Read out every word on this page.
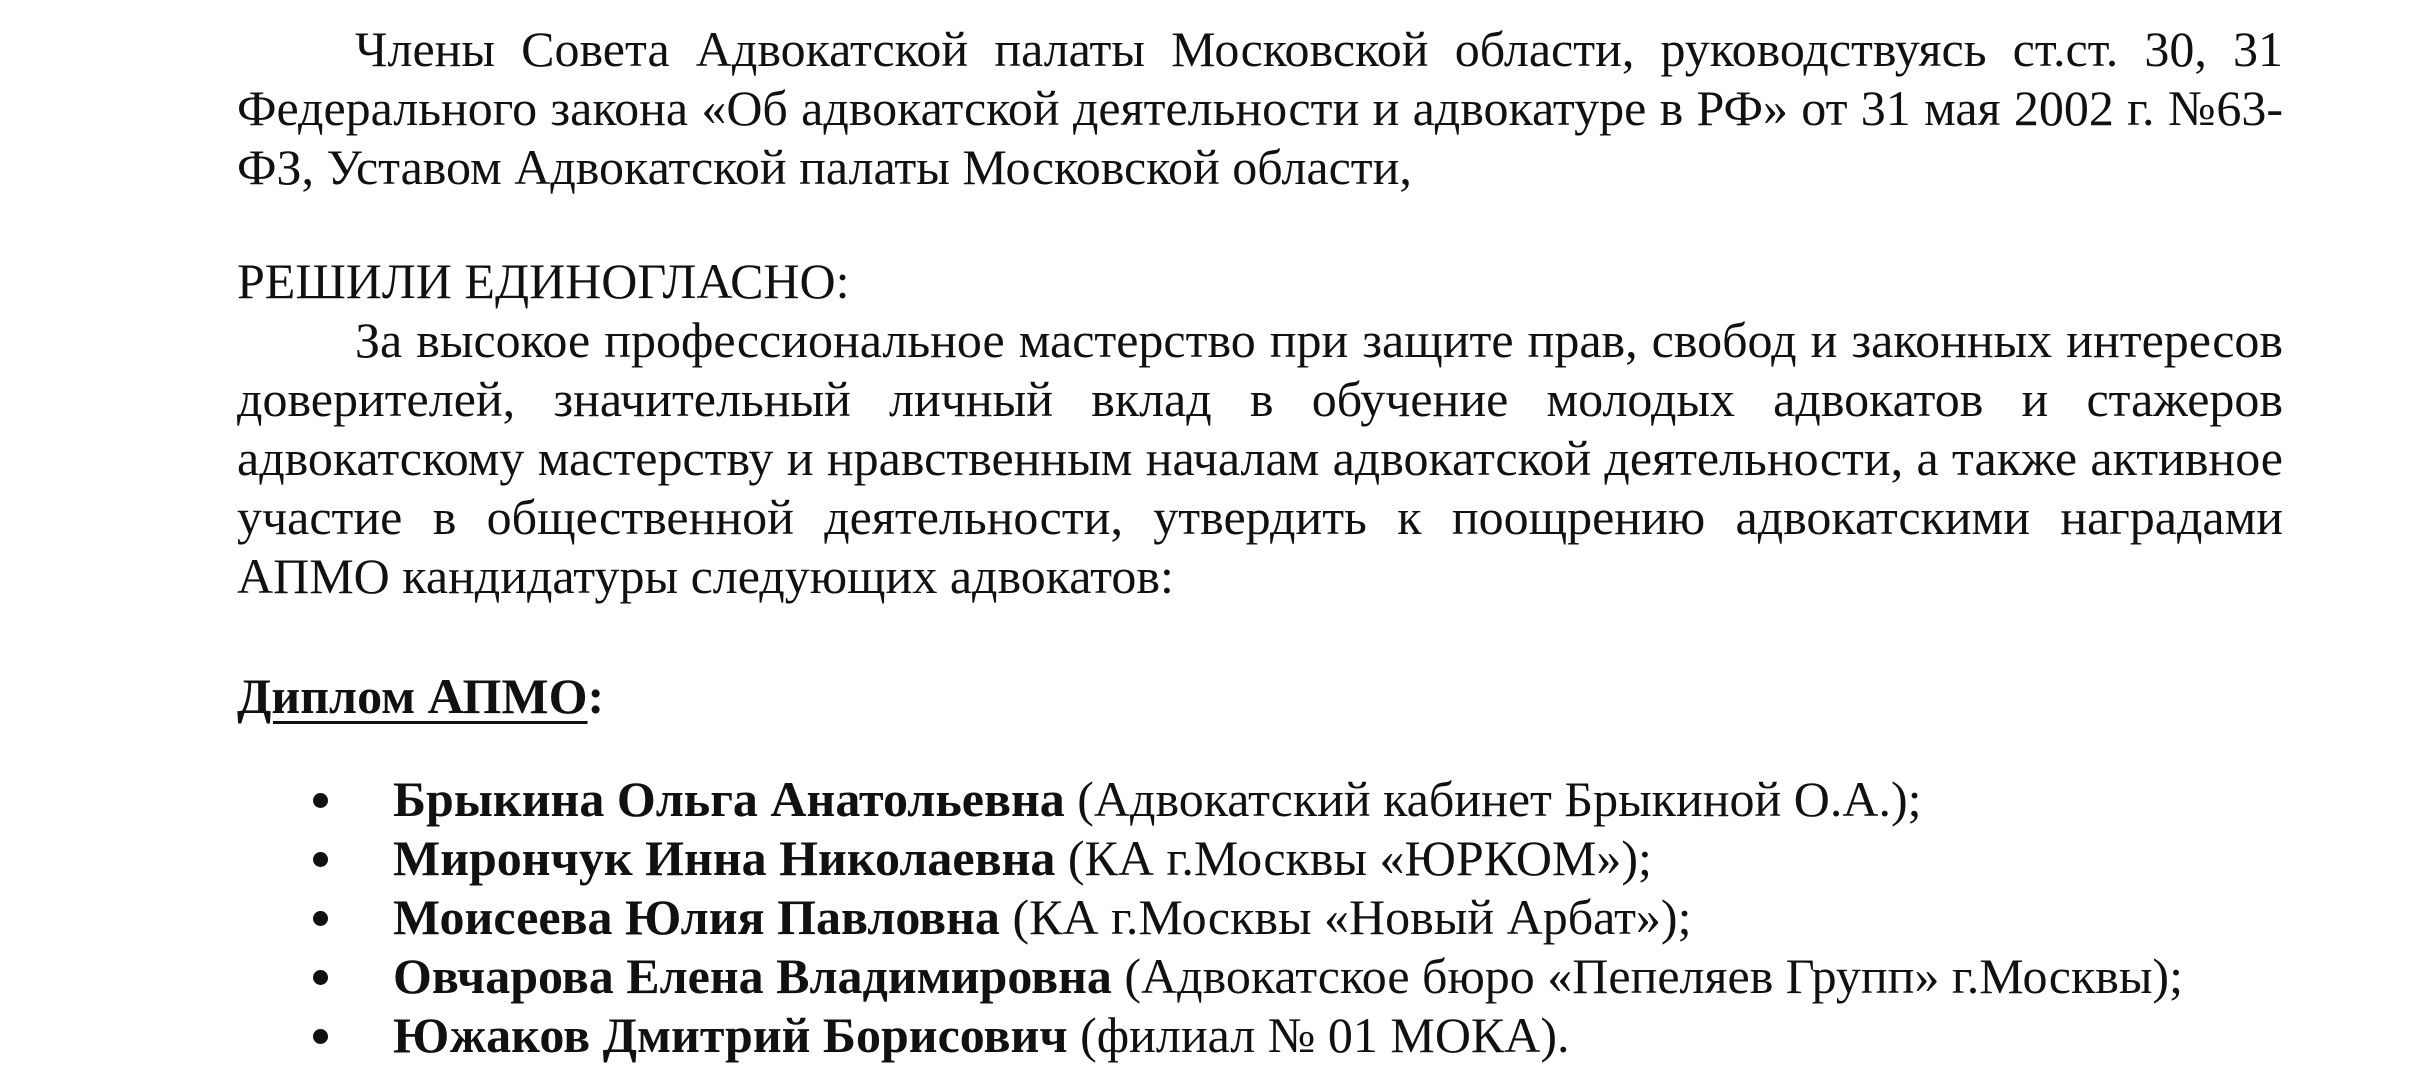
Члены Совета Адвокатской палаты Московской области, руководствуясь ст.ст. 30, 31 Федерального закона «Об адвокатской деятельности и адвокатуре в РФ» от 31 мая 2002 г. №63-ФЗ, Уставом Адвокатской палаты Московской области,

РЕШИЛИ ЕДИНОГЛАСНО:

За высокое профессиональное мастерство при защите прав, свобод и законных интересов доверителей, значительный личный вклад в обучение молодых адвокатов и стажеров адвокатскому мастерству и нравственным началам адвокатской деятельности, а также активное участие в общественной деятельности, утвердить к поощрению адвокатскими наградами АПМО кандидатуры следующих адвокатов:

Диплом АПМО:
Брыкина Ольга Анатольевна (Адвокатский кабинет Брыкиной О.А.);
Мирончук Инна Николаевна (КА г.Москвы «ЮРКОМ»);
Моисеева Юлия Павловна (КА г.Москвы «Новый Арбат»);
Овчарова Елена Владимировна (Адвокатское бюро «Пепеляев Групп» г.Москвы);
Южаков Дмитрий Борисович (филиал № 01 МОКА).
